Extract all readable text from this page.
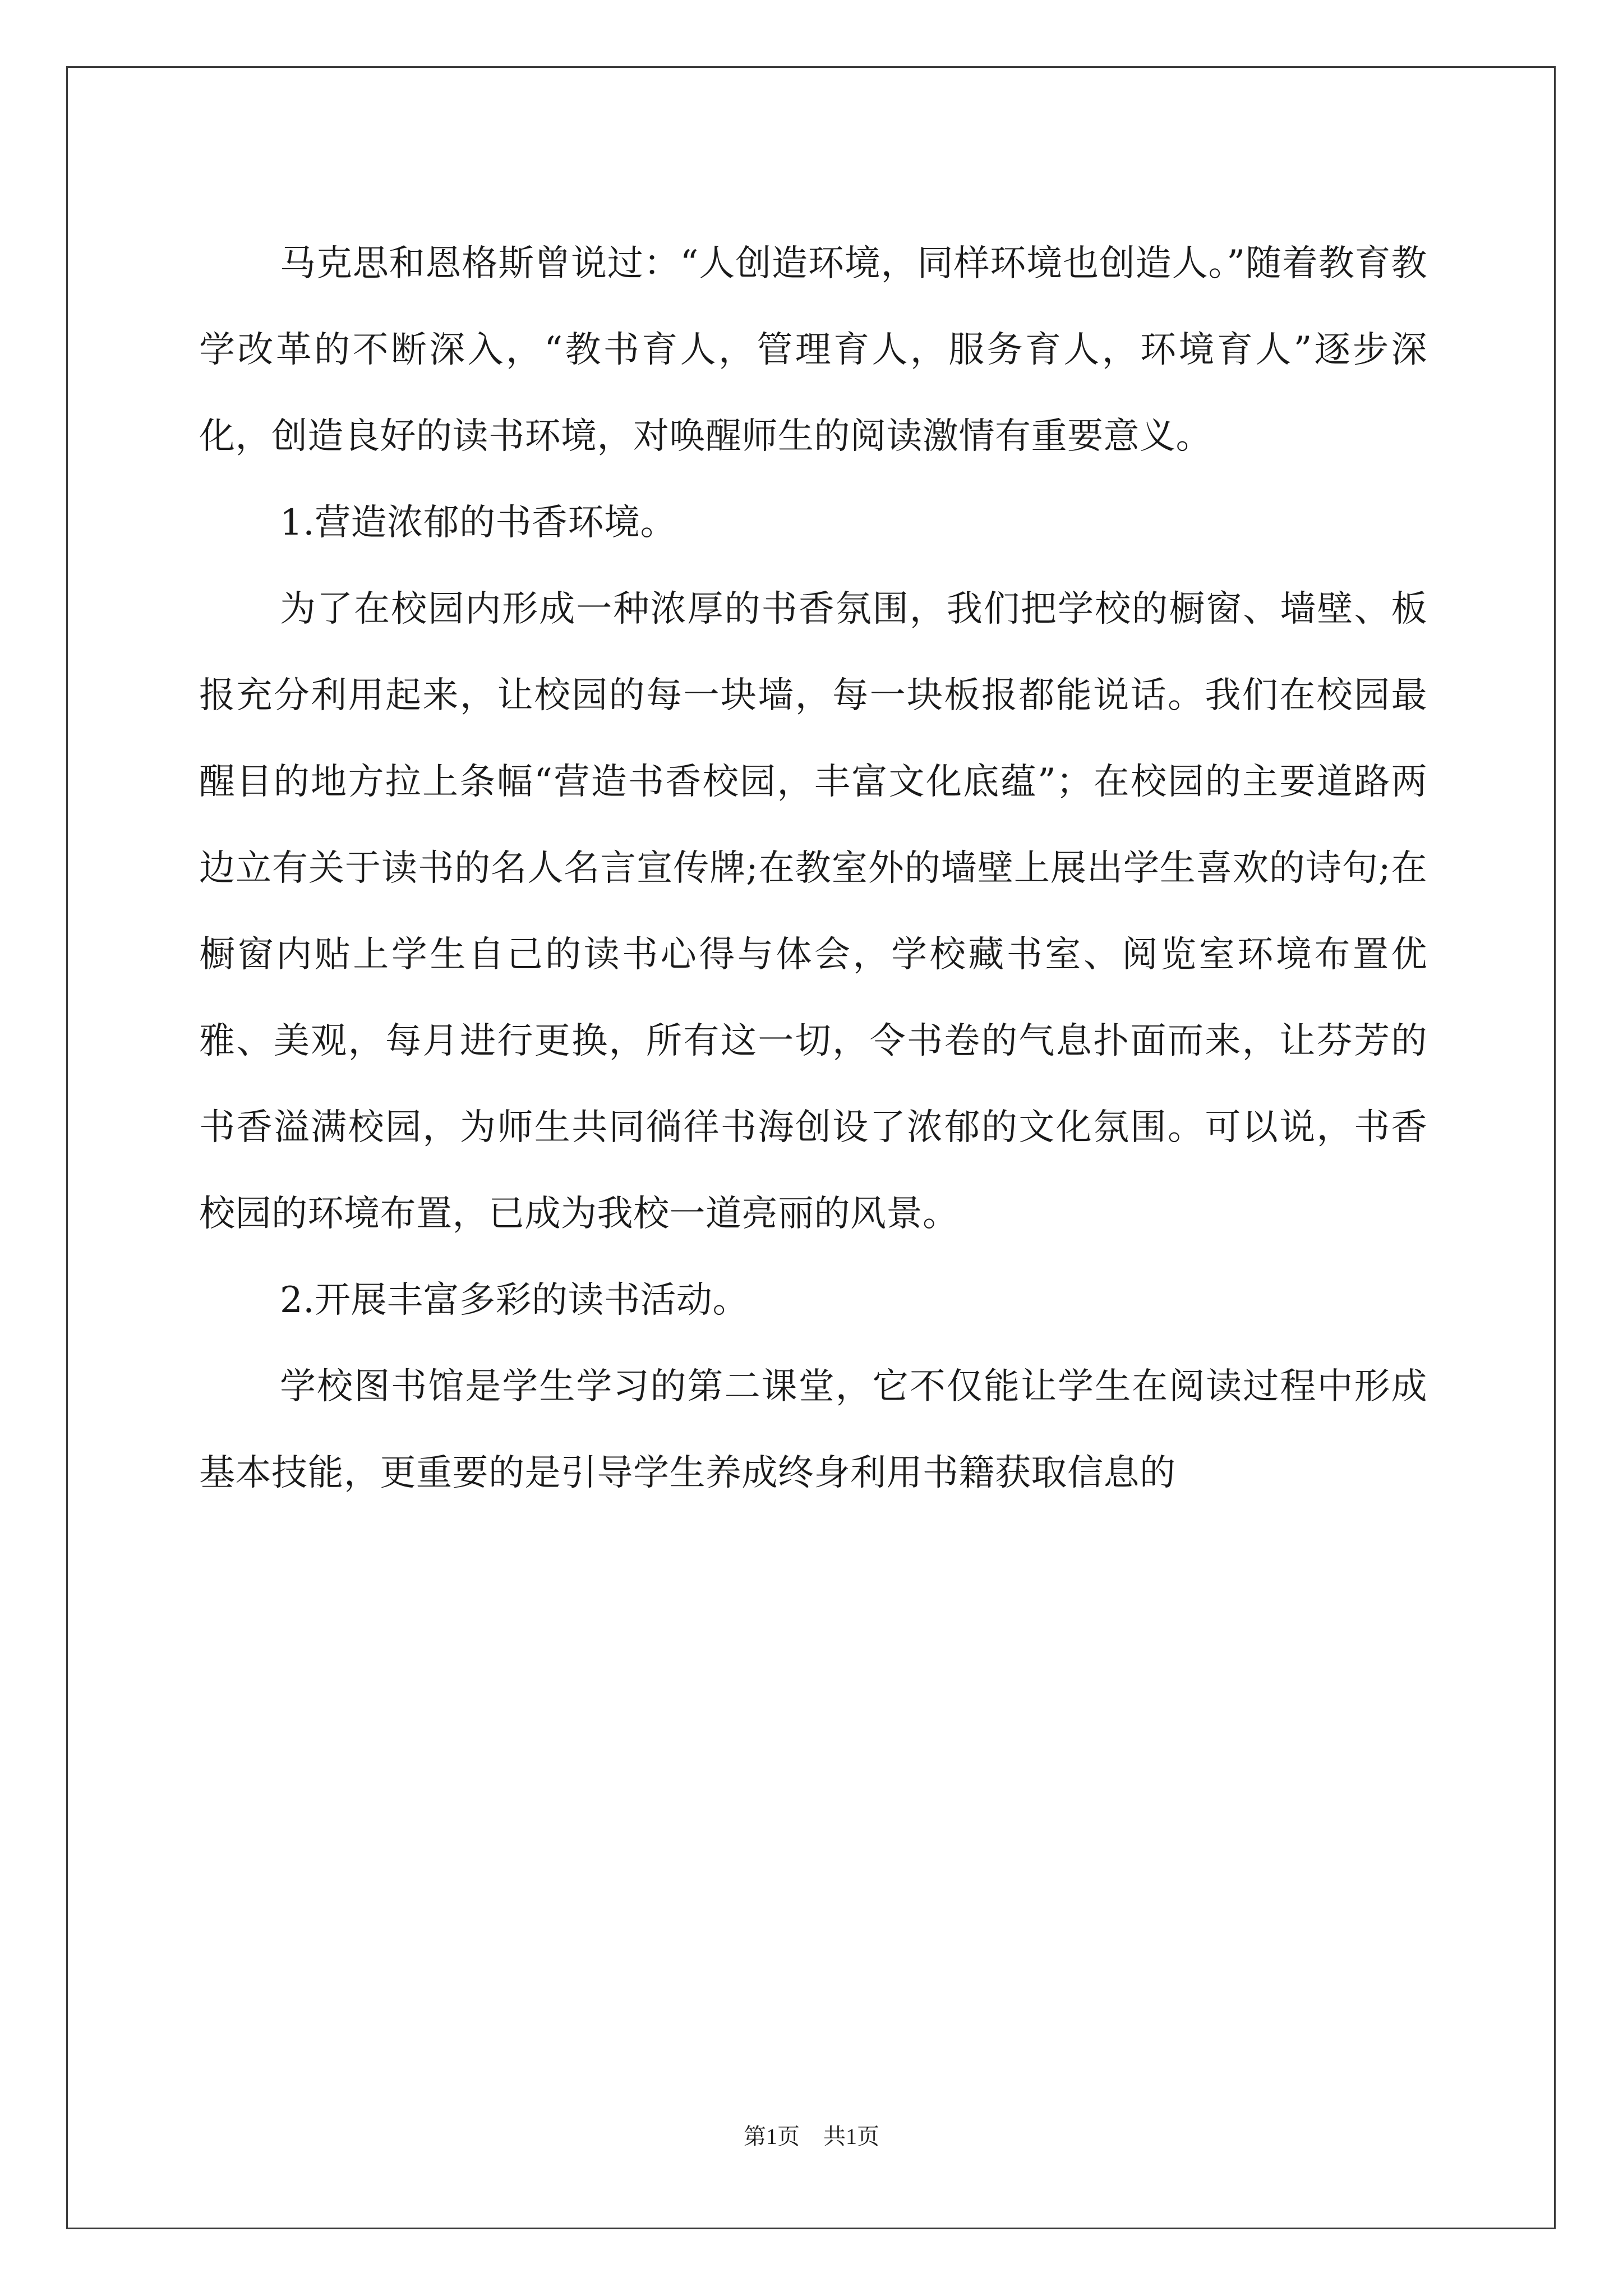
马克思和恩格斯曾说过：“人创造环境，同样环境也创造人。”随着教育教学改革的不断深入，“教书育人，管理育人，服务育人，环境育人”逐步深化，创造良好的读书环境，对唤醒师生的阅读激情有重要意义。

1.营造浓郁的书香环境。

为了在校园内形成一种浓厚的书香氛围，我们把学校的橱窗、墙壁、板报充分利用起来，让校园的每一块墙，每一块板报都能说话。我们在校园最醒目的地方拉上条幅“营造书香校园，丰富文化底蕴”；在校园的主要道路两边立有关于读书的名人名言宣传牌;在教室外的墙壁上展出学生喜欢的诗句;在橱窗内贴上学生自己的读书心得与体会，学校藏书室、阅览室环境布置优雅、美观，每月进行更换，所有这一切，令书卷的气息扑面而来，让芬芳的书香溢满校园，为师生共同徜徉书海创设了浓郁的文化氛围。可以说，书香校园的环境布置，已成为我校一道亮丽的风景。

2.开展丰富多彩的读书活动。

学校图书馆是学生学习的第二课堂，它不仅能让学生在阅读过程中形成基本技能，更重要的是引导学生养成终身利用书籍获取信息的

第1页 共1页
